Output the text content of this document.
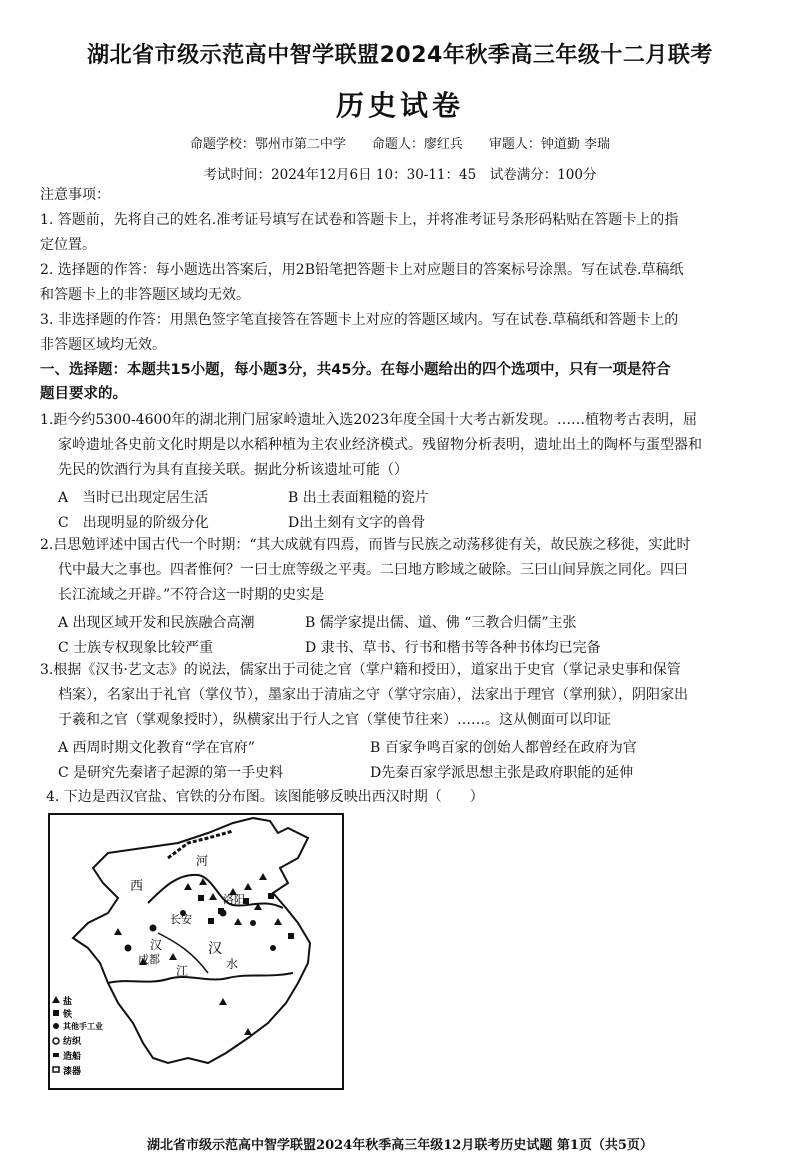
湖北省市级示范高中智学联盟2024年秋季高三年级十二月联考
历史试卷
命题学校：鄂州市第二中学　　命题人：廖红兵　　审题人：钟道勤 李瑞
考试时间：2024年12月6日 10：30-11：45　试卷满分：100分
注意事项：
1. 答题前，先将自己的姓名.准考证号填写在试卷和答题卡上，并将准考证号条形码粘贴在答题卡上的指
定位置。
2. 选择题的作答：每小题选出答案后，用2B铅笔把答题卡上对应题目的答案标号涂黑。写在试卷.草稿纸
和答题卡上的非答题区域均无效。
3. 非选择题的作答：用黑色签字笔直接答在答题卡上对应的答题区域内。写在试卷.草稿纸和答题卡上的
非答题区域均无效。
一、选择题：本题共15小题，每小题3分，共45分。在每小题给出的四个选项中，只有一项是符合
题目要求的。
1.距今约5300-4600年的湖北荆门屈家岭遗址入选2023年度全国十大考古新发现。……植物考古表明，屈
家岭遗址各史前文化时期是以水稻种植为主农业经济模式。残留物分析表明，遗址出土的陶杯与蛋型器和
先民的饮酒行为具有直接关联。据此分析该遗址可能（）
A　当时已出现定居生活	B 出土表面粗糙的瓷片
C　出现明显的阶级分化	D出土刻有文字的兽骨
2.吕思勉评述中国古代一个时期：“其大成就有四焉，而皆与民族之动荡移徙有关，故民族之移徙，实此时
代中最大之事也。四者惟何？一曰士庶等级之平夷。二曰地方畛域之破除。三曰山间异族之同化。四曰
长江流域之开辟。”不符合这一时期的史实是
A 出现区域开发和民族融合高潮	B 儒学家提出儒、道、佛 “三教合归儒”主张
C 士族专权现象比较严重	D 隶书、草书、行书和楷书等各种书体均已完备
3.根据《汉书·艺文志》的说法，儒家出于司徒之官（掌户籍和授田），道家出于史官（掌记录史事和保管
档案），名家出于礼官（掌仪节），墨家出于清庙之守（掌守宗庙），法家出于理官（掌刑狱），阴阳家出
于羲和之官（掌观象授时），纵横家出于行人之官（掌使节往来）……。这从侧面可以印证
A 西周时期文化教育“学在官府”	B 百家争鸣百家的创始人都曾经在政府为官
C 是研究先秦诸子起源的第一手史料	D先秦百家学派思想主张是政府职能的延伸
4. 下边是西汉官盐、官铁的分布图。该图能够反映出西汉时期（　　）
西
长安
汉
成都
江
汉
水
洛阳
河
盐
铁
其他手工业
纺织
造船
漆器
湖北省市级示范高中智学联盟2024年秋季高三年级12月联考历史试题 第1页（共5页）
